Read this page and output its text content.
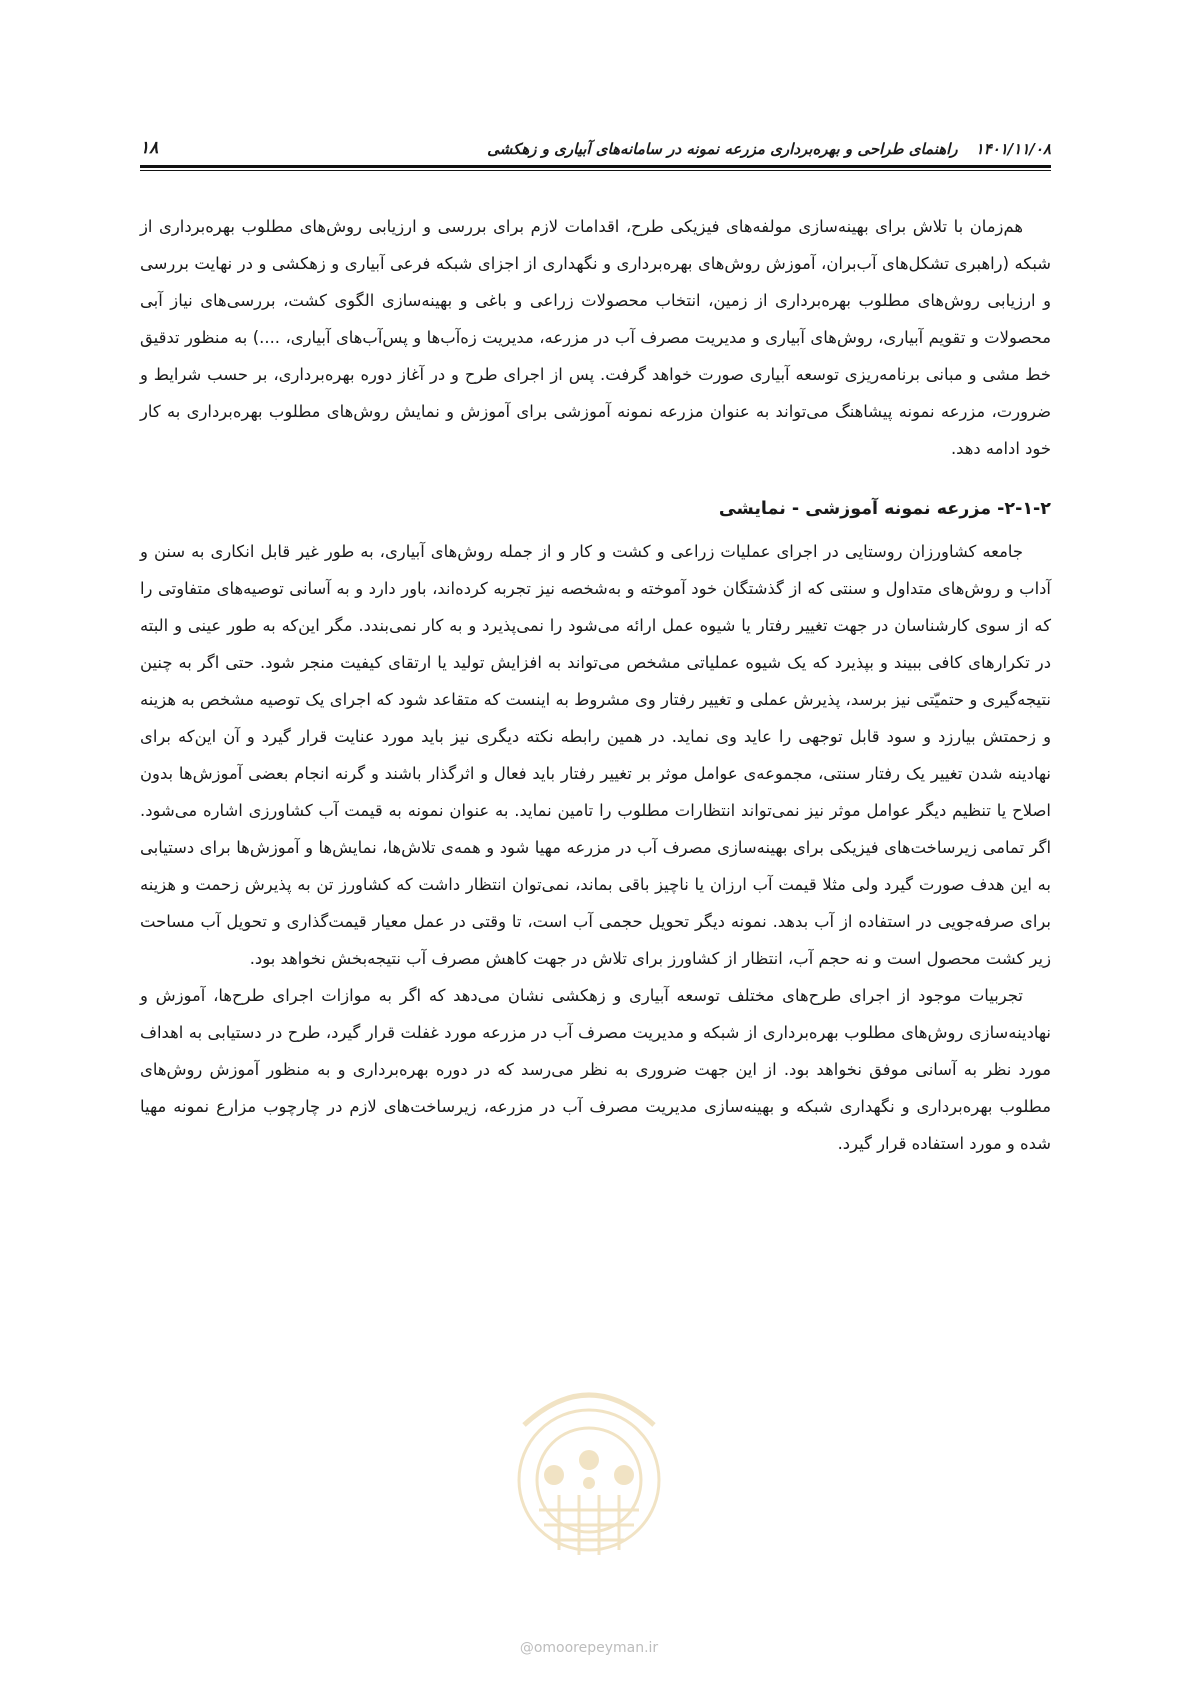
۱۴۰۱/۱۱/۰۸
راهنمای طراحی و بهره‌برداری مزرعه نمونه در سامانه‌های آبیاری و زهکشی
۱۸

هم‌زمان با تلاش برای بهینه‌سازی مولفه‌های فیزیکی طرح، اقدامات لازم برای بررسی و ارزیابی روش‌های مطلوب بهره‌برداری از شبکه (راهبری تشکل‌های آب‌بران، آموزش روش‌های بهره‌برداری و نگهداری از اجزای شبکه فرعی آبیاری و زهکشی و در نهایت بررسی و ارزیابی روش‌های مطلوب بهره‌برداری از زمین، انتخاب محصولات زراعی و باغی و بهینه‌سازی الگوی کشت، بررسی‌های نیاز آبی محصولات و تقویم آبیاری، روش‌های آبیاری و مدیریت مصرف آب در مزرعه، مدیریت زه‌آب‌ها و پس‌آب‌های آبیاری، ....) به منظور تدقیق خط مشی و مبانی برنامه‌ریزی توسعه آبیاری صورت خواهد گرفت. پس از اجرای طرح و در آغاز دوره بهره‌برداری، بر حسب شرایط و ضرورت، مزرعه نمونه پیشاهنگ می‌تواند به عنوان مزرعه نمونه آموزشی برای آموزش و نمایش روش‌های مطلوب بهره‌برداری به کار خود ادامه دهد.

۲-۱-۲- مزرعه نمونه آموزشی - نمایشی

جامعه کشاورزان روستایی در اجرای عملیات زراعی و کشت و کار و از جمله روش‌های آبیاری، به طور غیر قابل انکاری به سنن و آداب و روش‌های متداول و سنتی که از گذشتگان خود آموخته و به‌شخصه نیز تجربه کرده‌اند، باور دارد و به آسانی توصیه‌های متفاوتی را که از سوی کارشناسان در جهت تغییر رفتار یا شیوه عمل ارائه می‌شود را نمی‌پذیرد و به کار نمی‌بندد. مگر این‌که به طور عینی و البته در تکرارهای کافی ببیند و بپذیرد که یک شیوه عملیاتی مشخص می‌تواند به افزایش تولید یا ارتقای کیفیت منجر شود. حتی اگر به چنین نتیجه‌گیری و حتمیّتی نیز برسد، پذیرش عملی و تغییر رفتار وی مشروط به اینست که متقاعد شود که اجرای یک توصیه مشخص به هزینه و زحمتش بیارزد و سود قابل توجهی را عاید وی نماید. در همین رابطه نکته دیگری نیز باید مورد عنایت قرار گیرد و آن این‌که برای نهادینه شدن تغییر یک رفتار سنتی، مجموعه‌ی عوامل موثر بر تغییر رفتار باید فعال و اثرگذار باشند و گرنه انجام بعضی آموزش‌ها بدون اصلاح یا تنظیم دیگر عوامل موثر نیز نمی‌تواند انتظارات مطلوب را تامین نماید. به عنوان نمونه به قیمت آب کشاورزی اشاره می‌شود. اگر تمامی زیرساخت‌های فیزیکی برای بهینه‌سازی مصرف آب در مزرعه مهیا شود و همه‌ی تلاش‌ها، نمایش‌ها و آموزش‌ها برای دستیابی به این هدف صورت گیرد ولی مثلا قیمت آب ارزان یا ناچیز باقی بماند، نمی‌توان انتظار داشت که کشاورز تن به پذیرش زحمت و هزینه برای صرفه‌جویی در استفاده از آب بدهد. نمونه دیگر تحویل حجمی آب است، تا وقتی در عمل معیار قیمت‌گذاری و تحویل آب مساحت زیر کشت محصول است و نه حجم آب، انتظار از کشاورز برای تلاش در جهت کاهش مصرف آب نتیجه‌بخش نخواهد بود.

تجربیات موجود از اجرای طرح‌های مختلف توسعه آبیاری و زهکشی نشان می‌دهد که اگر به موازات اجرای طرح‌ها، آموزش و نهادینه‌سازی روش‌های مطلوب بهره‌برداری از شبکه و مدیریت مصرف آب در مزرعه مورد غفلت قرار گیرد، طرح در دستیابی به اهداف مورد نظر به آسانی موفق نخواهد بود. از این جهت ضروری به نظر می‌رسد که در دوره بهره‌برداری و به منظور آموزش روش‌های مطلوب بهره‌برداری و نگهداری شبکه و بهینه‌سازی مدیریت مصرف آب در مزرعه، زیرساخت‌های لازم در چارچوب مزارع نمونه مهیا شده و مورد استفاده قرار گیرد.

@omoorepeyman.ir
